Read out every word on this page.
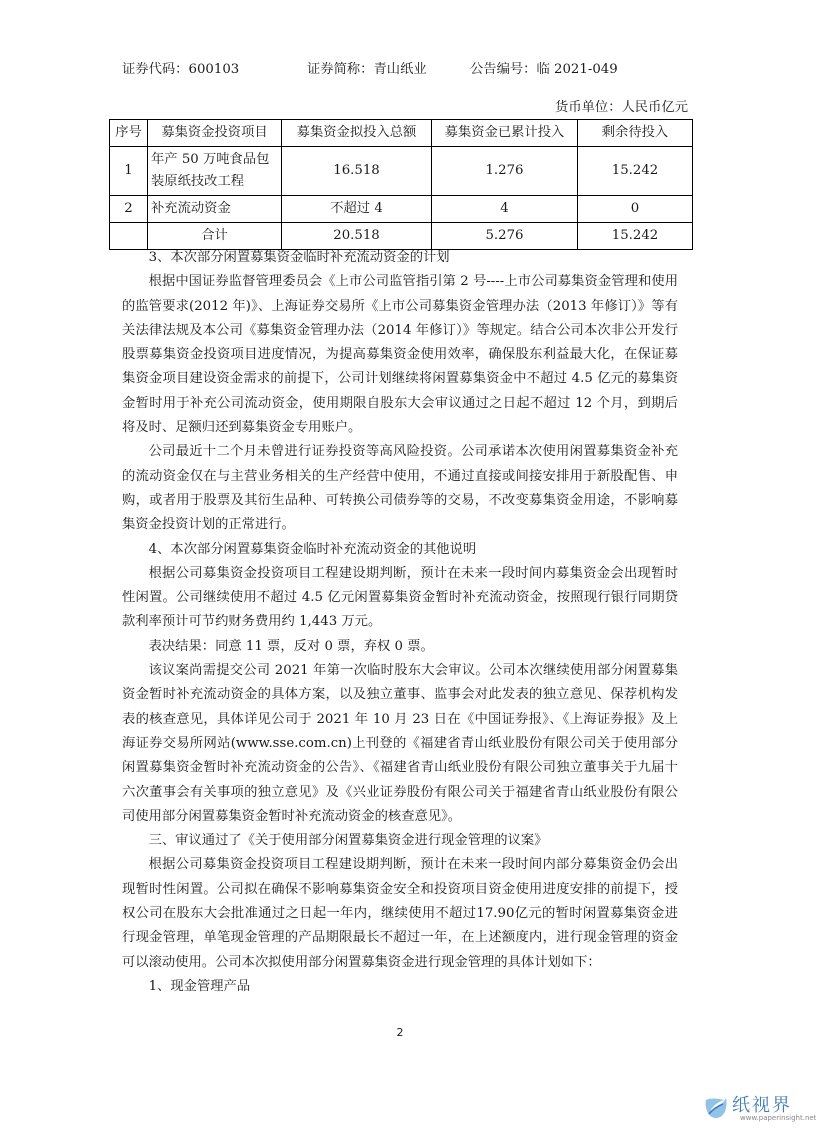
证券代码：600103	证券简称：青山纸业	公告编号：临 2021-049
货币单位：人民币亿元
序号	募集资金投资项目	募集资金拟投入总额	募集资金已累计投入	剩余待投入
1	年产 50 万吨食品包装原纸技改工程	16.518	1.276	15.242
2	补充流动资金	不超过 4	4	0
	合计	20.518	5.276	15.242

3、本次部分闲置募集资金临时补充流动资金的计划

根据中国证券监督管理委员会《上市公司监管指引第 2 号----上市公司募集资金管理和使用的监管要求(2012 年)》、上海证券交易所《上市公司募集资金管理办法（2013 年修订）》等有关法律法规及本公司《募集资金管理办法（2014 年修订）》等规定。结合公司本次非公开发行股票募集资金投资项目进度情况，为提高募集资金使用效率，确保股东利益最大化，在保证募集资金项目建设资金需求的前提下，公司计划继续将闲置募集资金中不超过 4.5 亿元的募集资金暂时用于补充公司流动资金，使用期限自股东大会审议通过之日起不超过 12 个月，到期后将及时、足额归还到募集资金专用账户。

公司最近十二个月未曾进行证券投资等高风险投资。公司承诺本次使用闲置募集资金补充的流动资金仅在与主营业务相关的生产经营中使用，不通过直接或间接安排用于新股配售、申购，或者用于股票及其衍生品种、可转换公司债券等的交易，不改变募集资金用途，不影响募集资金投资计划的正常进行。

4、本次部分闲置募集资金临时补充流动资金的其他说明

根据公司募集资金投资项目工程建设期判断，预计在未来一段时间内募集资金会出现暂时性闲置。公司继续使用不超过 4.5 亿元闲置募集资金暂时补充流动资金，按照现行银行同期贷款利率预计可节约财务费用约 1,443 万元。

表决结果：同意 11 票，反对 0 票，弃权 0 票。

该议案尚需提交公司 2021 年第一次临时股东大会审议。公司本次继续使用部分闲置募集资金暂时补充流动资金的具体方案，以及独立董事、监事会对此发表的独立意见、保荐机构发表的核查意见，具体详见公司于 2021 年 10 月 23 日在《中国证券报》、《上海证券报》及上海证券交易所网站(www.sse.com.cn)上刊登的《福建省青山纸业股份有限公司关于使用部分闲置募集资金暂时补充流动资金的公告》、《福建省青山纸业股份有限公司独立董事关于九届十六次董事会有关事项的独立意见》及《兴业证券股份有限公司关于福建省青山纸业股份有限公司使用部分闲置募集资金暂时补充流动资金的核查意见》。

三、审议通过了《关于使用部分闲置募集资金进行现金管理的议案》

根据公司募集资金投资项目工程建设期判断，预计在未来一段时间内部分募集资金仍会出现暂时性闲置。公司拟在确保不影响募集资金安全和投资项目资金使用进度安排的前提下，授权公司在股东大会批准通过之日起一年内，继续使用不超过17.90亿元的暂时闲置募集资金进行现金管理，单笔现金管理的产品期限最长不超过一年，在上述额度内，进行现金管理的资金可以滚动使用。公司本次拟使用部分闲置募集资金进行现金管理的具体计划如下：

1、现金管理产品

2
纸视界
www.paperinsight.net
